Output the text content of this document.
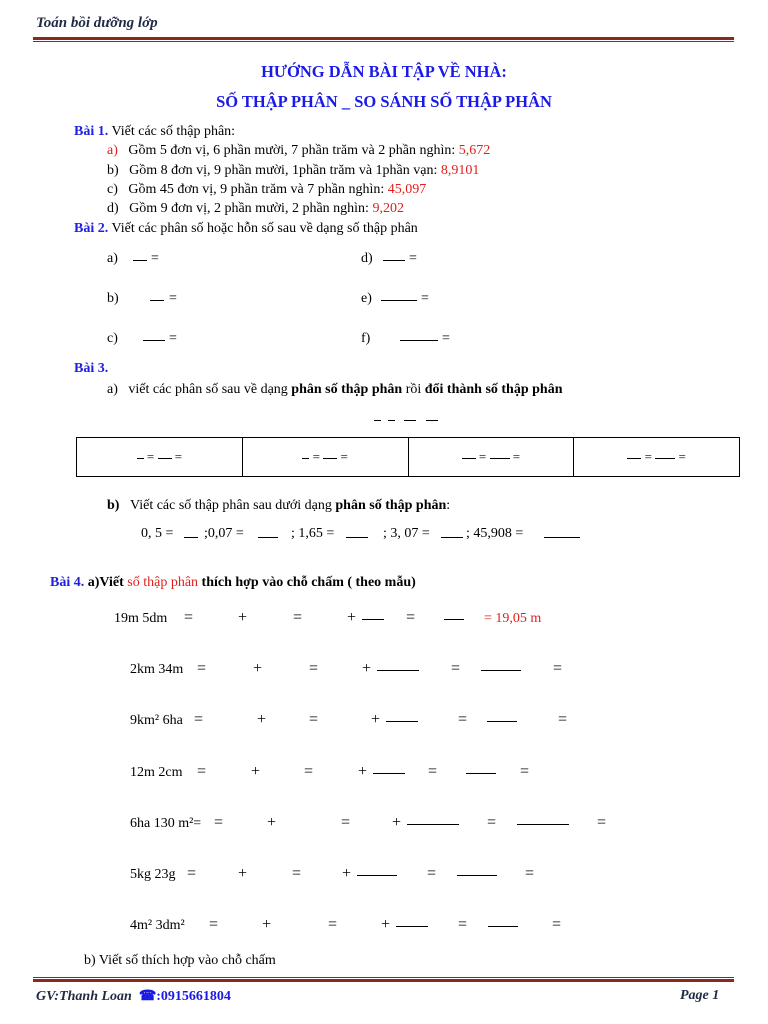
Toán bồi dưỡng lớp
HƯỚNG DẪN BÀI TẬP VỀ NHÀ:
SỐ THẬP PHÂN _ SO SÁNH SỐ THẬP PHÂN
Bài 1. Viết các số thập phân:
a) Gồm 5 đơn vị, 6 phần mười, 7 phần trăm và 2 phần nghìn: 5,672
b) Gồm 8 đơn vị, 9 phần mười, 1phần trăm và 1phần vạn: 8,9101
c) Gồm 45 đơn vị, 9 phần trăm và 7 phần nghìn: 45,097
d) Gồm 9 đơn vị, 2 phần mười, 2 phần nghìn: 9,202
Bài 2. Viết các phân số hoặc hỗn số sau về dạng số thập phân
a) =	d)	=
b)	=	e)	=
c)	=	f)	=
Bài 3.
a) viết các phân số sau về dạng phân số thập phân rồi đổi thành số thập phân
= =	= =	= =	= =
b) Viết các số thập phân sau dưới dạng phân số thập phân:
0, 5 = ;0,07 =	; 1,65 =	; 3, 07 =	; 45,908 =
Bài 4. a)Viết số thập phân thích hợp vào chỗ chấm ( theo mẫu)
19m 5dm =	+	=	+	=	= 19,05 m
2km 34m =	+	=	+	=	=
9km² 6ha =	+	=	+	=	=
12m 2cm =	+	=	+	=	=
6ha 130 m²= =	+	=	+	=	=
5kg 23g =	+	=	+	=	=
4m² 3dm² =	+	=	+	=	=
b) Viết số thích hợp vào chỗ chấm
GV:Thanh Loan ☎:0915661804	Page 1
